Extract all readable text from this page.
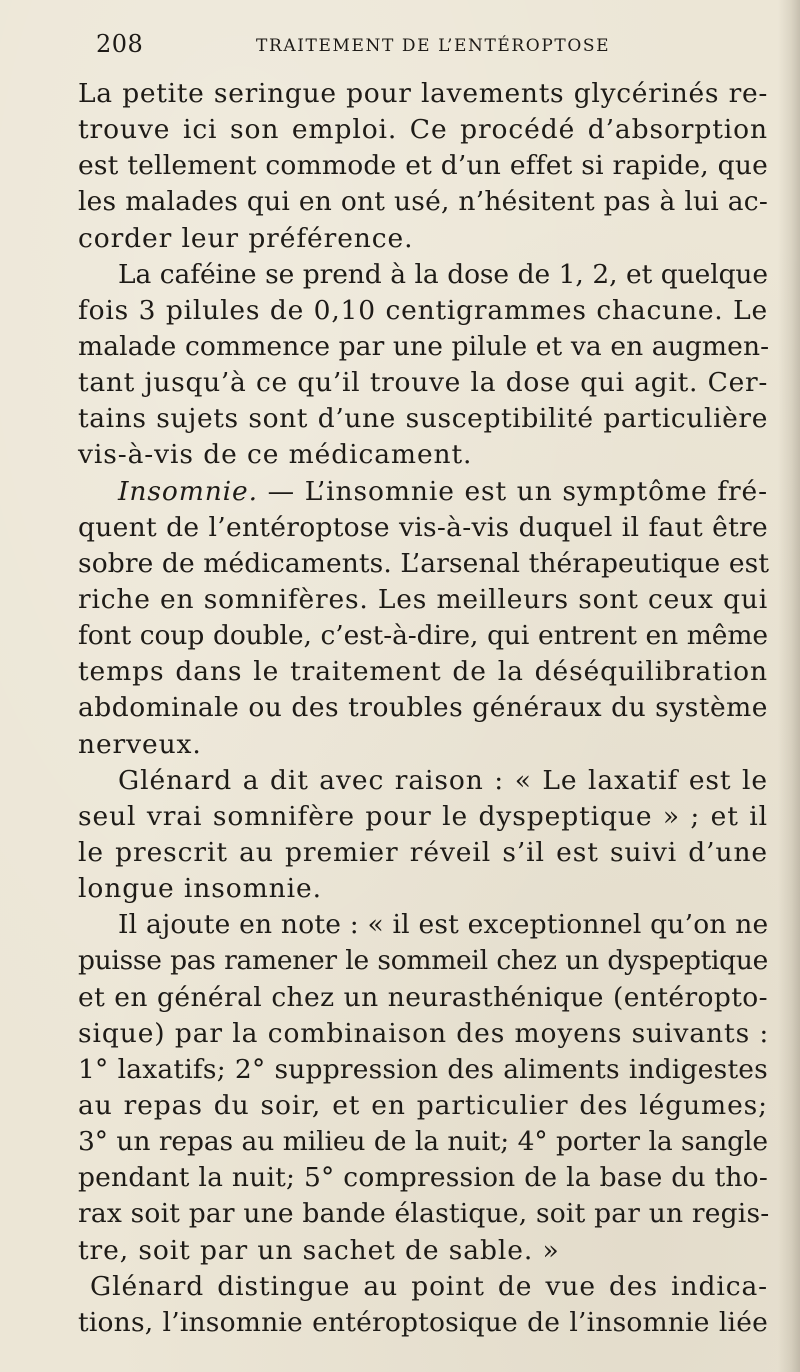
208	TRAITEMENT DE L’ENTÉROPTOSE
La petite seringue pour lavements glycérinés re-
trouve ici son emploi. Ce procédé d’absorption
est tellement commode et d’un effet si rapide, que
les malades qui en ont usé, n’hésitent pas à lui ac-
corder leur préférence.
La caféine se prend à la dose de 1, 2, et quelque
fois 3 pilules de 0,10 centigrammes chacune. Le
malade commence par une pilule et va en augmen-
tant jusqu’à ce qu’il trouve la dose qui agit. Cer-
tains sujets sont d’une susceptibilité particulière
vis-à-vis de ce médicament.
Insomnie. — L’insomnie est un symptôme fré-
quent de l’entéroptose vis-à-vis duquel il faut être
sobre de médicaments. L’arsenal thérapeutique est
riche en somnifères. Les meilleurs sont ceux qui
font coup double, c’est-à-dire, qui entrent en même
temps dans le traitement de la déséquilibration
abdominale ou des troubles généraux du système
nerveux.
Glénard a dit avec raison : « Le laxatif est le
seul vrai somnifère pour le dyspeptique » ; et il
le prescrit au premier réveil s’il est suivi d’une
longue insomnie.
Il ajoute en note : « il est exceptionnel qu’on ne
puisse pas ramener le sommeil chez un dyspeptique
et en général chez un neurasthénique (entéropto-
sique) par la combinaison des moyens suivants :
1° laxatifs; 2° suppression des aliments indigestes
au repas du soir, et en particulier des légumes;
3° un repas au milieu de la nuit; 4° porter la sangle
pendant la nuit; 5° compression de la base du tho-
rax soit par une bande élastique, soit par un regis-
tre, soit par un sachet de sable. »
Glénard distingue au point de vue des indica-
tions, l’insomnie entéroptosique de l’insomnie liée
